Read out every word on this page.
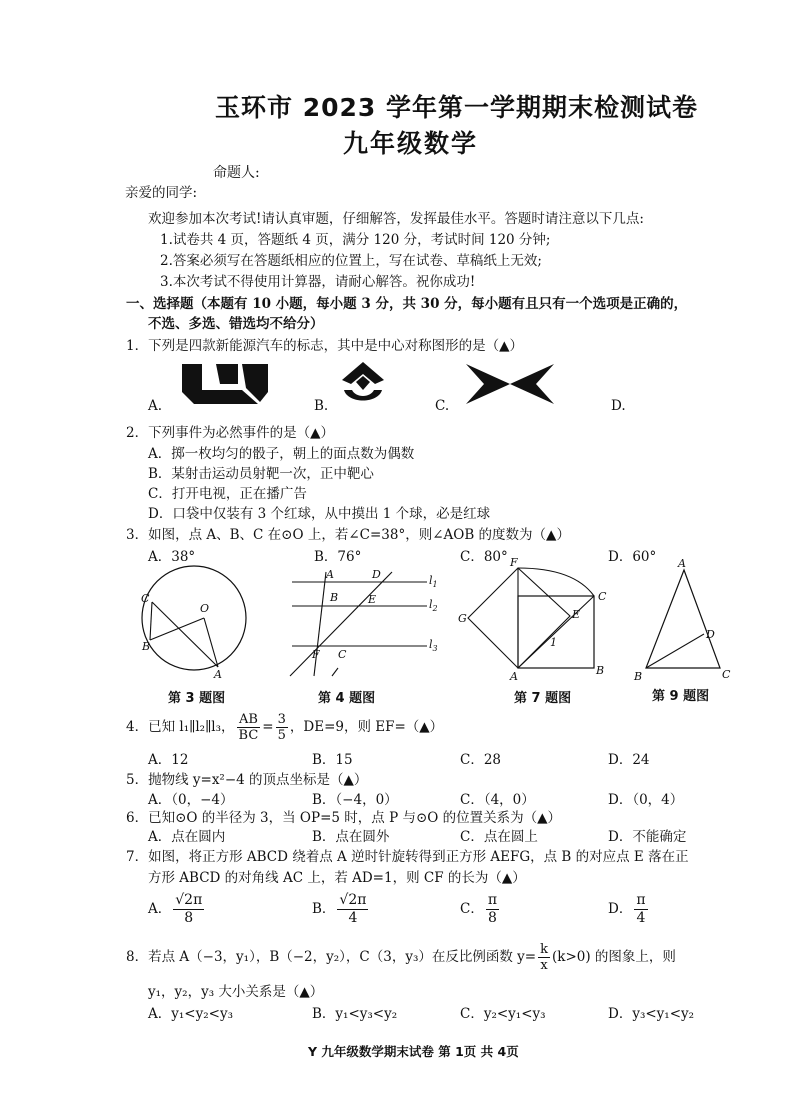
玉环市 2023 学年第一学期期末检测试卷
九年级数学
命题人:
亲爱的同学:
欢迎参加本次考试!请认真审题，仔细解答，发挥最佳水平。答题时请注意以下几点:
1.试卷共 4 页，答题纸 4 页，满分 120 分，考试时间 120 分钟;
2.答案必须写在答题纸相应的位置上，写在试卷、草稿纸上无效;
3.本次考试不得使用计算器，请耐心解答。祝你成功!
一、选择题（本题有 10 小题，每小题 3 分，共 30 分，每小题有且只有一个选项是正确的，
不选、多选、错选均不给分）
1．下列是四款新能源汽车的标志，其中是中心对称图形的是（▲）
A.	B.	C.	D.
2．下列事件为必然事件的是（▲）
A．掷一枚均匀的骰子，朝上的面点数为偶数
B．某射击运动员射靶一次，正中靶心
C．打开电视，正在播广告
D．口袋中仅装有 3 个红球，从中摸出 1 个球，必是红球
3．如图，点 A、B、C 在⊙O 上，若∠C=38°，则∠AOB 的度数为（▲）
A．38°	B．76°	C．80°	D．60°
C
O
B
A
第 3 题图
A	D
B	E
F C
$l_1$
$l_2$
$l_3$
第 4 题图
F
C
G	E
1
A	B
第 7 题图
A
D
B	C
第 9 题图
4．已知 l₁∥l₂∥l₃， $\frac{AB}{BC} = \frac{3}{5}$ ，DE=9，则 EF=（▲）
A．12	B．15	C．28	D．24
5．抛物线 y=x²−4 的顶点坐标是（▲）
A．（0，−4）	B．（−4，0）	C．（4，0）	D．（0，4）
6．已知⊙O 的半径为 3，当 OP=5 时，点 P 与⊙O 的位置关系为（▲）
A．点在圆内	B．点在圆外	C．点在圆上	D．不能确定
7．如图，将正方形 ABCD 绕着点 A 逆时针旋转得到正方形 AEFG，点 B 的对应点 E 落在正
方形 ABCD 的对角线 AC 上，若 AD=1，则 CF 的长为（▲）
A． $\frac{√2\pi}{8}$	B． $\frac{√2\pi}{4}$	C． $\frac{\pi}{8}$	D． $\frac{\pi}{4}$
8．若点 A（−3，y₁），B（−2，y₂），C（3，y₃）在反比例函数 $y= \frac{k}{x} (k>0)$ 的图象上，则
y₁，y₂，y₃ 大小关系是（▲）
A．y₁<y₂<y₃	B．y₁<y₃<y₂	C．y₂<y₁<y₃	D．y₃<y₁<y₂
Y 九年级数学期末试卷 第 1页 共 4页
